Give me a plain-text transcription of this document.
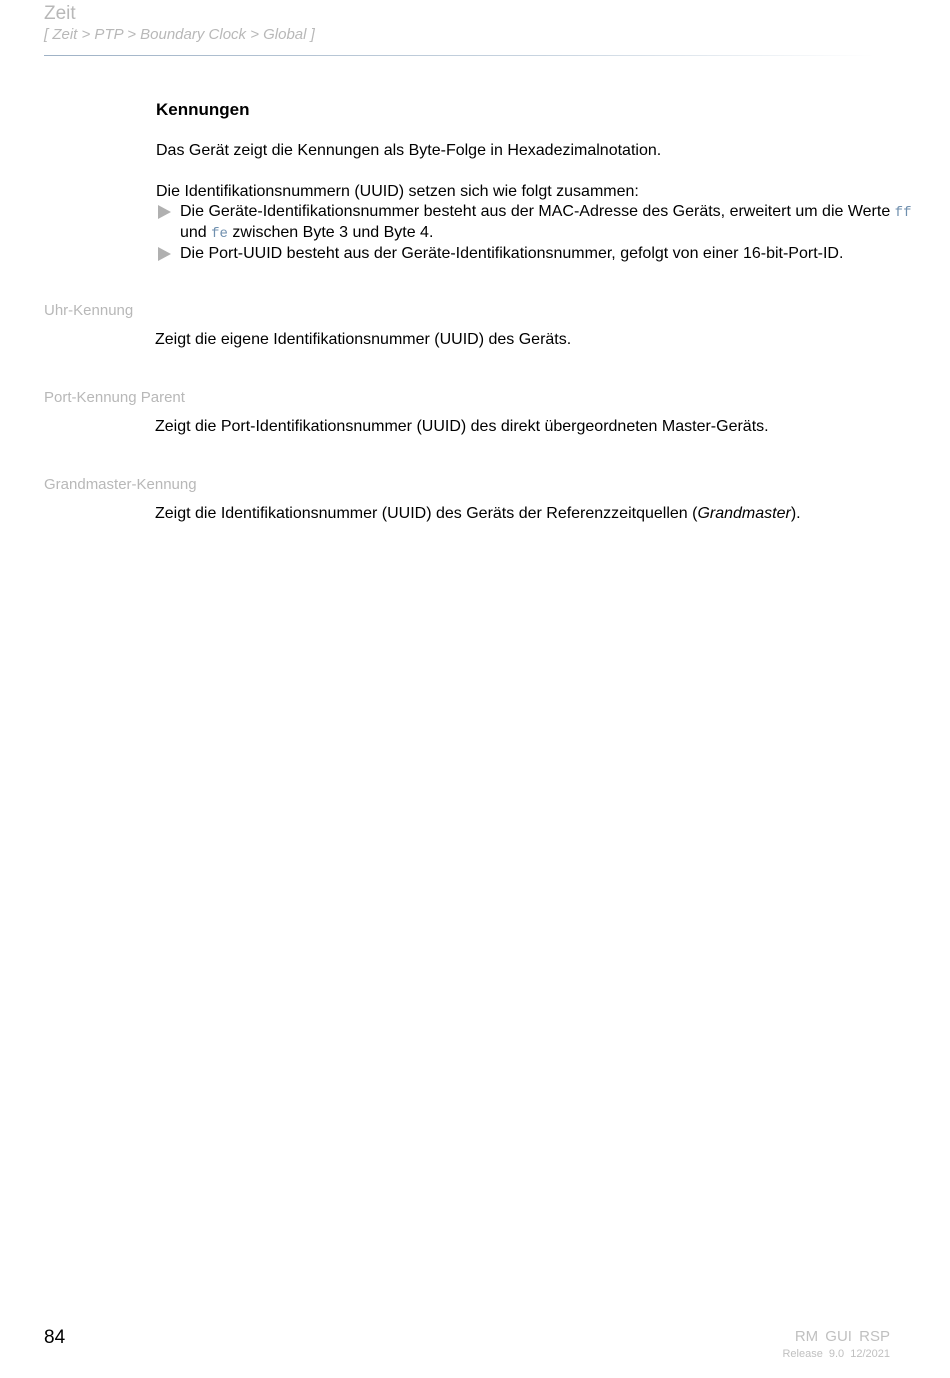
Zeit
[ Zeit > PTP > Boundary Clock > Global ]
Kennungen
Das Gerät zeigt die Kennungen als Byte-Folge in Hexadezimalnotation.
Die Identifikationsnummern (UUID) setzen sich wie folgt zusammen:
Die Geräte-Identifikationsnummer besteht aus der MAC-Adresse des Geräts, erweitert um die Werte ff und fe zwischen Byte 3 und Byte 4.
Die Port-UUID besteht aus der Geräte-Identifikationsnummer, gefolgt von einer 16-bit-Port-ID.
Uhr-Kennung
Zeigt die eigene Identifikationsnummer (UUID) des Geräts.
Port-Kennung Parent
Zeigt die Port-Identifikationsnummer (UUID) des direkt übergeordneten Master-Geräts.
Grandmaster-Kennung
Zeigt die Identifikationsnummer (UUID) des Geräts der Referenzzeitquellen (Grandmaster).
84	RM GUI RSP
Release 9.0 12/2021
